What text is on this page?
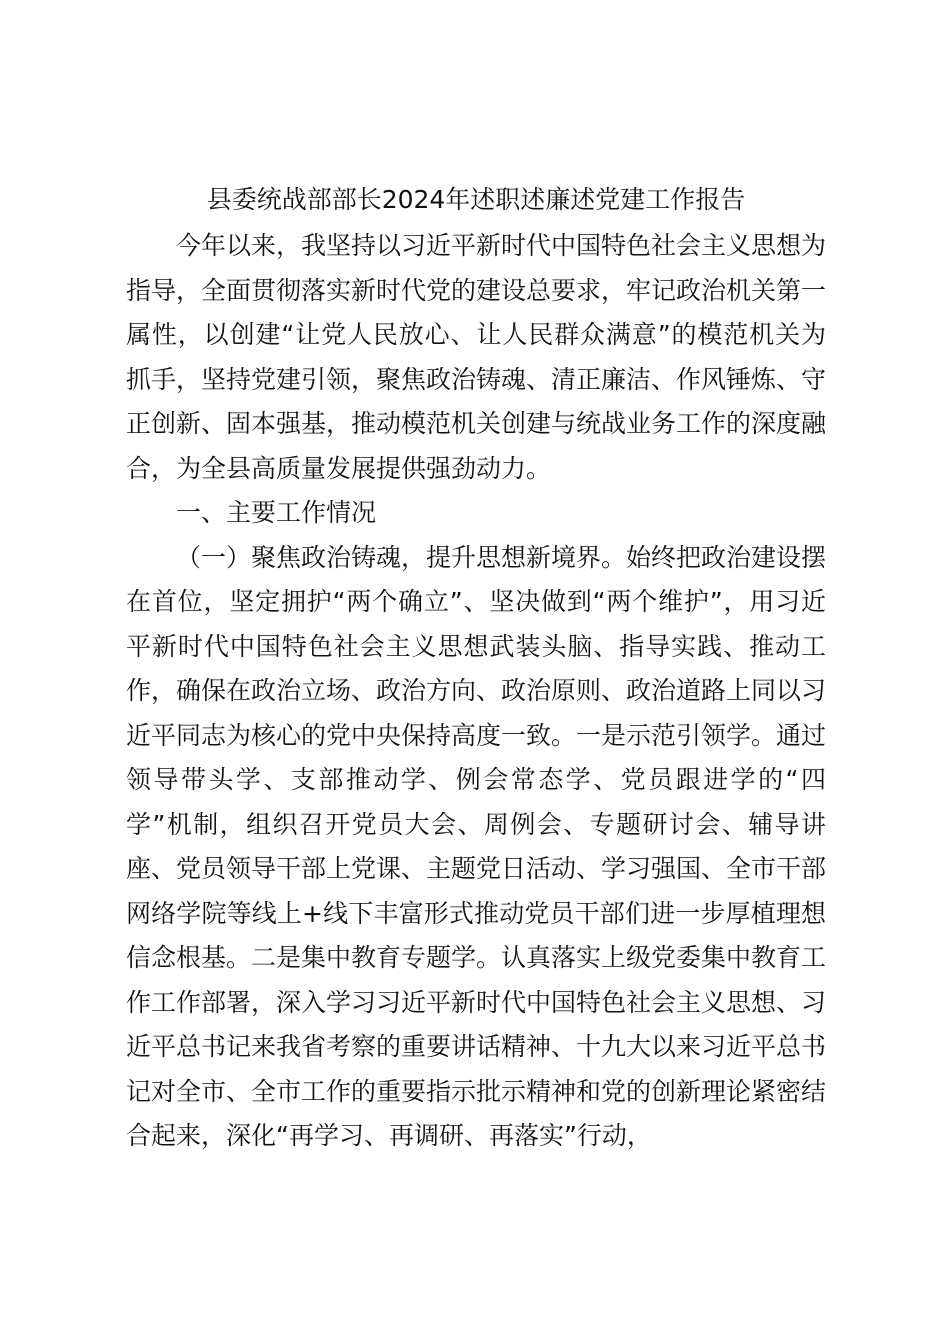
县委统战部部长2024年述职述廉述党建工作报告

今年以来，我坚持以习近平新时代中国特色社会主义思想为指导，全面贯彻落实新时代党的建设总要求，牢记政治机关第一属性，以创建“让党人民放心、让人民群众满意”的模范机关为抓手，坚持党建引领，聚焦政治铸魂、清正廉洁、作风锤炼、守正创新、固本强基，推动模范机关创建与统战业务工作的深度融合，为全县高质量发展提供强劲动力。

一、主要工作情况

（一）聚焦政治铸魂，提升思想新境界。始终把政治建设摆在首位，坚定拥护“两个确立”、坚决做到“两个维护”，用习近平新时代中国特色社会主义思想武装头脑、指导实践、推动工作，确保在政治立场、政治方向、政治原则、政治道路上同以习近平同志为核心的党中央保持高度一致。一是示范引领学。通过领导带头学、支部推动学、例会常态学、党员跟进学的“四学”机制，组织召开党员大会、周例会、专题研讨会、辅导讲座、党员领导干部上党课、主题党日活动、学习强国、全市干部网络学院等线上+线下丰富形式推动党员干部们进一步厚植理想信念根基。二是集中教育专题学。认真落实上级党委集中教育工作工作部署，深入学习习近平新时代中国特色社会主义思想、习近平总书记来我省考察的重要讲话精神、十九大以来习近平总书记对全市、全市工作的重要指示批示精神和党的创新理论紧密结合起来，深化“再学习、再调研、再落实”行动，
